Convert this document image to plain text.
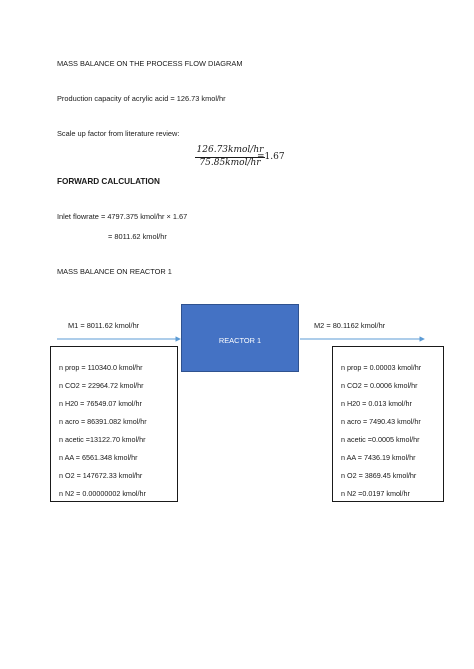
MASS BALANCE ON THE PROCESS FLOW DIAGRAM
Production capacity of acrylic acid = 126.73 kmol/hr
Scale up factor from literature review:
126.73kmol/hr
75.85kmol/hr
=1.67
FORWARD CALCULATION
Inlet flowrate = 4797.375 kmol/hr × 1.67
= 8011.62 kmol/hr
MASS BALANCE ON REACTOR 1
M1 = 8011.62 kmol/hr	M2 = 80.1162 kmol/hr
REACTOR 1
n prop = 110340.0 kmol/hr
n CO2 = 22964.72 kmol/hr
n H20 = 76549.07 kmol/hr
n acro = 86391.082 kmol/hr
n acetic =13122.70 kmol/hr
n AA = 6561.348 kmol/hr
n O2 = 147672.33 kmol/hr
n N2 = 0.00000002 kmol/hr
n prop = 0.00003 kmol/hr
n CO2 = 0.0006 kmol/hr
n H20 = 0.013 kmol/hr
n acro = 7490.43 kmol/hr
n acetic =0.0005 kmol/hr
n AA = 7436.19 kmol/hr
n O2 = 3869.45 kmol/hr
n N2 =0.0197 kmol/hr
